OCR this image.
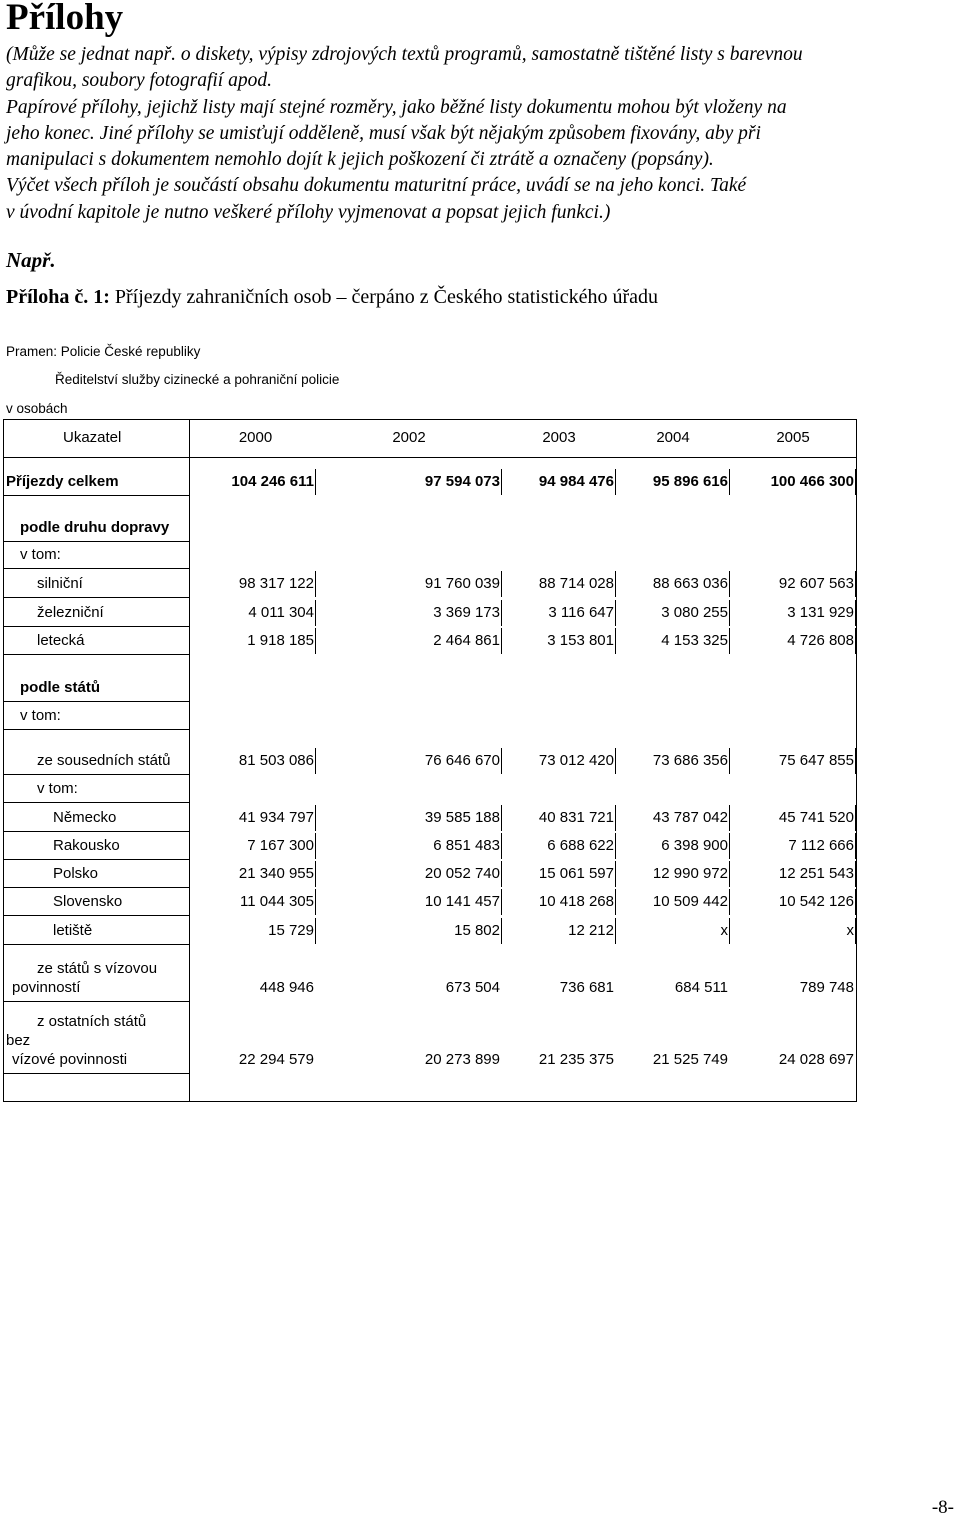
Přílohy
(Může se jednat např. o diskety, výpisy zdrojových textů programů, samostatně tištěné listy s barevnou
grafikou, soubory fotografií apod.
Papírové přílohy, jejichž listy mají stejné rozměry, jako běžné listy dokumentu mohou být vloženy na
jeho konec. Jiné přílohy se umisťují odděleně, musí však být nějakým způsobem fixovány, aby při
manipulaci s dokumentem nemohlo dojít k jejich poškození či ztrátě a označeny (popsány).
Výčet všech příloh je součástí obsahu dokumentu maturitní práce, uvádí se na jeho konci. Také
v úvodní kapitole je nutno veškeré přílohy vyjmenovat a popsat jejich funkci.)
Např.
Příloha č. 1: Příjezdy zahraničních osob – čerpáno z Českého statistického úřadu
Pramen: Policie České republiky
Ředitelství služby cizinecké a pohraniční policie
v osobách
Ukazatel	2000	2002	2003	2004	2005
Příjezdy celkem	104 246 611	97 594 073	94 984 476	95 896 616	100 466 300
podle druhu dopravy
v tom:
silniční	98 317 122	91 760 039	88 714 028	88 663 036	92 607 563
železniční	4 011 304	3 369 173	3 116 647	3 080 255	3 131 929
letecká	1 918 185	2 464 861	3 153 801	4 153 325	4 726 808
podle států
v tom:
ze sousedních států	81 503 086	76 646 670	73 012 420	73 686 356	75 647 855
v tom:
Německo	41 934 797	39 585 188	40 831 721	43 787 042	45 741 520
Rakousko	7 167 300	6 851 483	6 688 622	6 398 900	7 112 666
Polsko	21 340 955	20 052 740	15 061 597	12 990 972	12 251 543
Slovensko	11 044 305	10 141 457	10 418 268	10 509 442	10 542 126
letiště	15 729	15 802	12 212	x	x
ze států s vízovou
povinností	448 946	673 504	736 681	684 511	789 748
z ostatních států
bez
vízové povinnosti	22 294 579	20 273 899	21 235 375	21 525 749	24 028 697
-8-
